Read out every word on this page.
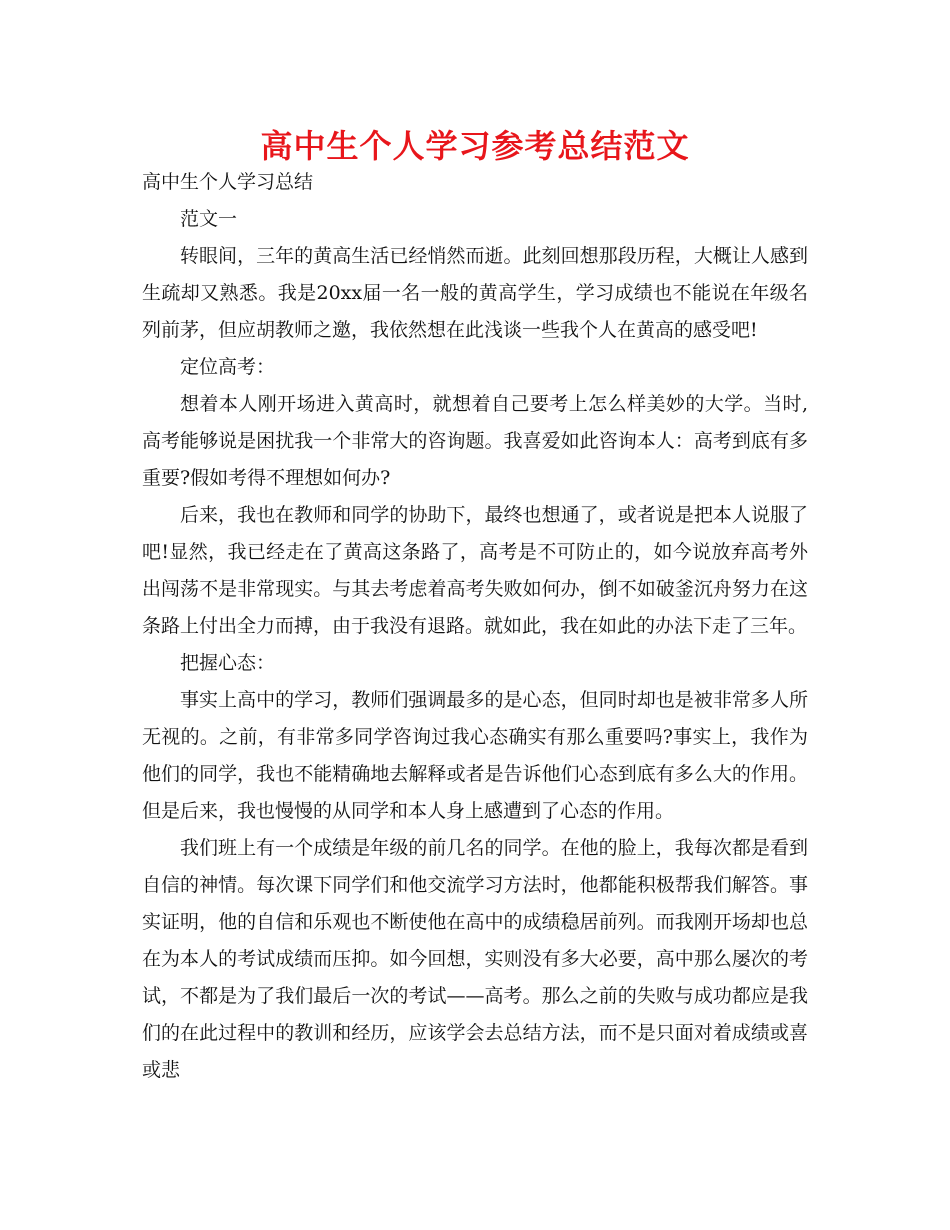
高中生个人学习参考总结范文

高中生个人学习总结

范文一

转眼间，三年的黄高生活已经悄然而逝。此刻回想那段历程，大概让人感到生疏却又熟悉。我是20xx届一名一般的黄高学生，学习成绩也不能说在年级名列前茅，但应胡教师之邀，我依然想在此浅谈一些我个人在黄高的感受吧!

定位高考：

想着本人刚开场进入黄高时，就想着自己要考上怎么样美妙的大学。当时,高考能够说是困扰我一个非常大的咨询题。我喜爱如此咨询本人：高考到底有多重要?假如考得不理想如何办?

后来，我也在教师和同学的协助下，最终也想通了，或者说是把本人说服了吧!显然，我已经走在了黄高这条路了，高考是不可防止的，如今说放弃高考外出闯荡不是非常现实。与其去考虑着高考失败如何办，倒不如破釜沉舟努力在这条路上付出全力而搏，由于我没有退路。就如此，我在如此的办法下走了三年。

把握心态：

事实上高中的学习，教师们强调最多的是心态，但同时却也是被非常多人所无视的。之前，有非常多同学咨询过我心态确实有那么重要吗?事实上，我作为他们的同学，我也不能精确地去解释或者是告诉他们心态到底有多么大的作用。但是后来，我也慢慢的从同学和本人身上感遭到了心态的作用。

我们班上有一个成绩是年级的前几名的同学。在他的脸上，我每次都是看到自信的神情。每次课下同学们和他交流学习方法时，他都能积极帮我们解答。事实证明，他的自信和乐观也不断使他在高中的成绩稳居前列。而我刚开场却也总在为本人的考试成绩而压抑。如今回想，实则没有多大必要，高中那么屡次的考试，不都是为了我们最后一次的考试——高考。那么之前的失败与成功都应是我们的在此过程中的教训和经历，应该学会去总结方法，而不是只面对着成绩或喜或悲
